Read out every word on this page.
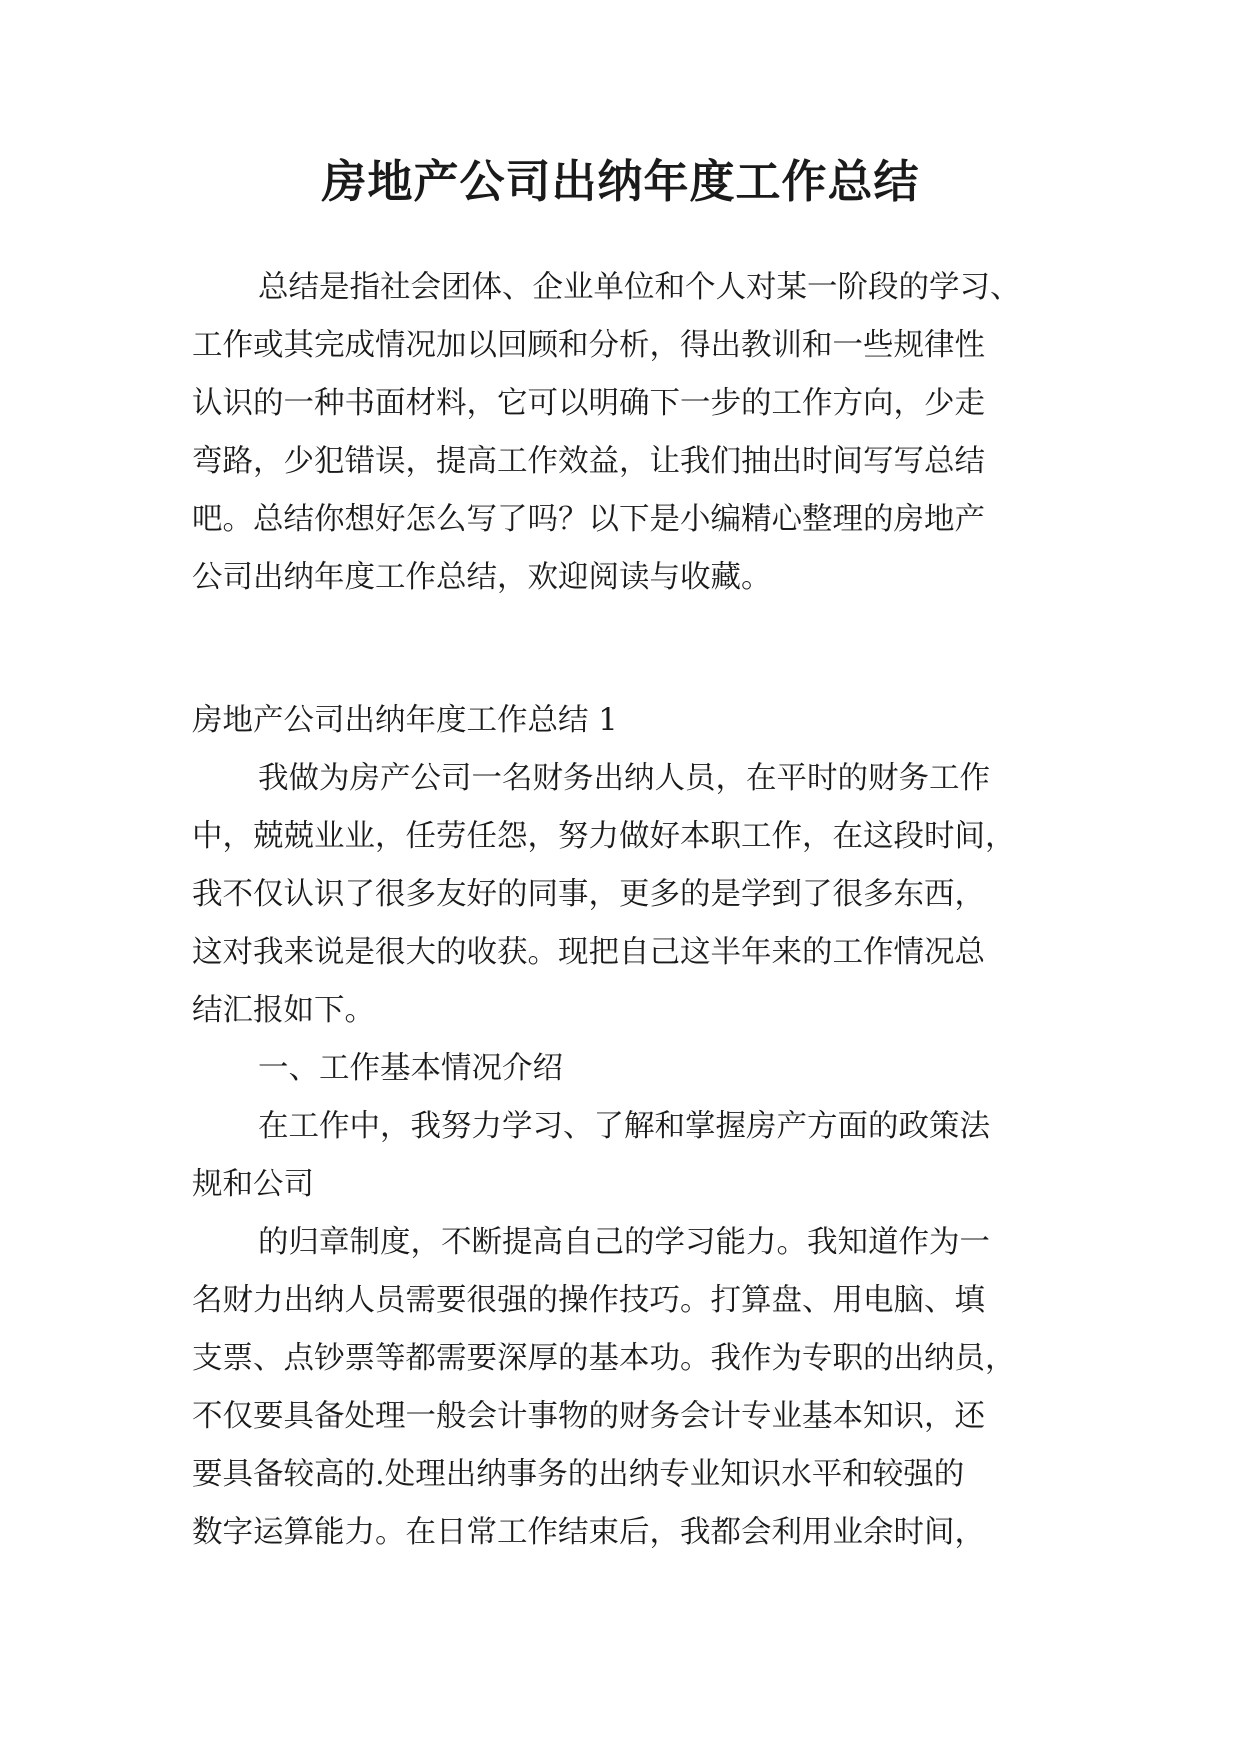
房地产公司出纳年度工作总结
总结是指社会团体、企业单位和个人对某一阶段的学习、
工作或其完成情况加以回顾和分析，得出教训和一些规律性
认识的一种书面材料，它可以明确下一步的工作方向，少走
弯路，少犯错误，提高工作效益，让我们抽出时间写写总结
吧。总结你想好怎么写了吗？以下是小编精心整理的房地产
公司出纳年度工作总结，欢迎阅读与收藏。
房地产公司出纳年度工作总结 1
我做为房产公司一名财务出纳人员，在平时的财务工作
中，兢兢业业，任劳任怨，努力做好本职工作，在这段时间，
我不仅认识了很多友好的同事，更多的是学到了很多东西，
这对我来说是很大的收获。现把自己这半年来的工作情况总
结汇报如下。
一、工作基本情况介绍
在工作中，我努力学习、了解和掌握房产方面的政策法
规和公司
的归章制度，不断提高自己的学习能力。我知道作为一
名财力出纳人员需要很强的操作技巧。打算盘、用电脑、填
支票、点钞票等都需要深厚的基本功。我作为专职的出纳员，
不仅要具备处理一般会计事物的财务会计专业基本知识，还
要具备较高的.处理出纳事务的出纳专业知识水平和较强的
数字运算能力。在日常工作结束后，我都会利用业余时间，
